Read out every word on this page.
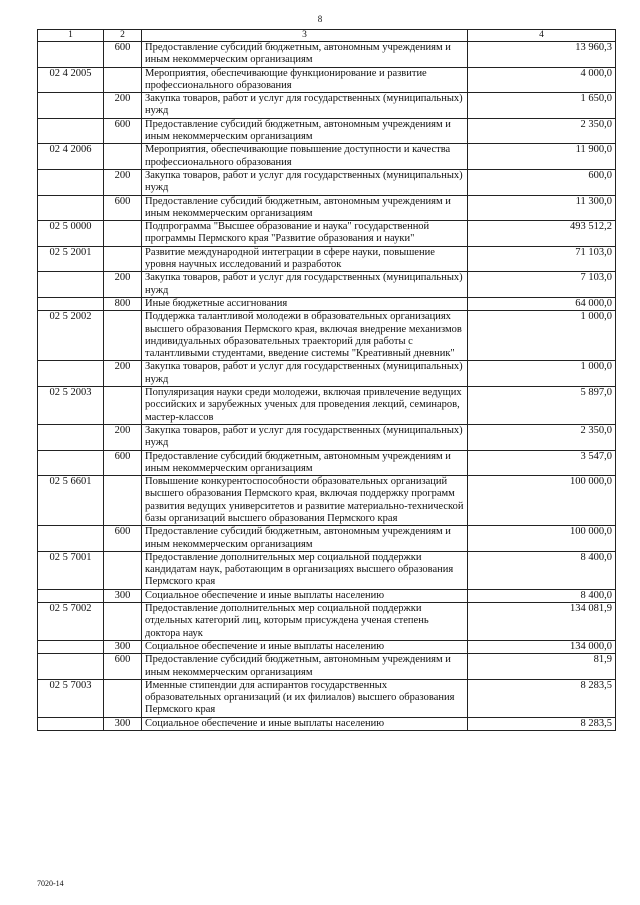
8
1	2	3	4
	600	Предоставление субсидий бюджетным, автономным учреждениям и иным некоммерческим организациям	13 960,3
02 4 2005		Мероприятия, обеспечивающие функционирование и развитие профессионального образования	4 000,0
	200	Закупка товаров, работ и услуг для государственных (муниципальных) нужд	1 650,0
	600	Предоставление субсидий бюджетным, автономным учреждениям и иным некоммерческим организациям	2 350,0
02 4 2006		Мероприятия, обеспечивающие повышение доступности и качества профессионального образования	11 900,0
	200	Закупка товаров, работ и услуг для государственных (муниципальных) нужд	600,0
	600	Предоставление субсидий бюджетным, автономным учреждениям и иным некоммерческим организациям	11 300,0
02 5 0000		Подпрограмма "Высшее образование и наука" государственной программы Пермского края "Развитие образования и науки"	493 512,2
02 5 2001		Развитие международной интеграции в сфере науки, повышение уровня научных исследований и разработок	71 103,0
	200	Закупка товаров, работ и услуг для государственных (муниципальных) нужд	7 103,0
	800	Иные бюджетные ассигнования	64 000,0
02 5 2002		Поддержка талантливой молодежи в образовательных организациях высшего образования Пермского края, включая внедрение механизмов индивидуальных образовательных траекторий для работы с талантливыми студентами, введение системы "Креативный дневник"	1 000,0
	200	Закупка товаров, работ и услуг для государственных (муниципальных) нужд	1 000,0
02 5 2003		Популяризация науки среди молодежи, включая привлечение ведущих российских и зарубежных ученых для проведения лекций, семинаров, мастер-классов	5 897,0
	200	Закупка товаров, работ и услуг для государственных (муниципальных) нужд	2 350,0
	600	Предоставление субсидий бюджетным, автономным учреждениям и иным некоммерческим организациям	3 547,0
02 5 6601		Повышение конкурентоспособности образовательных организаций высшего образования Пермского края, включая поддержку программ развития ведущих университетов и развитие материально-технической базы организаций высшего образования Пермского края	100 000,0
	600	Предоставление субсидий бюджетным, автономным учреждениям и иным некоммерческим организациям	100 000,0
02 5 7001		Предоставление дополнительных мер социальной поддержки кандидатам наук, работающим в организациях высшего образования Пермского края	8 400,0
	300	Социальное обеспечение и иные выплаты населению	8 400,0
02 5 7002		Предоставление дополнительных мер социальной поддержки отдельных категорий лиц, которым присуждена ученая степень доктора наук	134 081,9
	300	Социальное обеспечение и иные выплаты населению	134 000,0
	600	Предоставление субсидий бюджетным, автономным учреждениям и иным некоммерческим организациям	81,9
02 5 7003		Именные стипендии для аспирантов государственных образовательных организаций (и их филиалов) высшего образования Пермского края	8 283,5
	300	Социальное обеспечение и иные выплаты населению	8 283,5
7020-14
